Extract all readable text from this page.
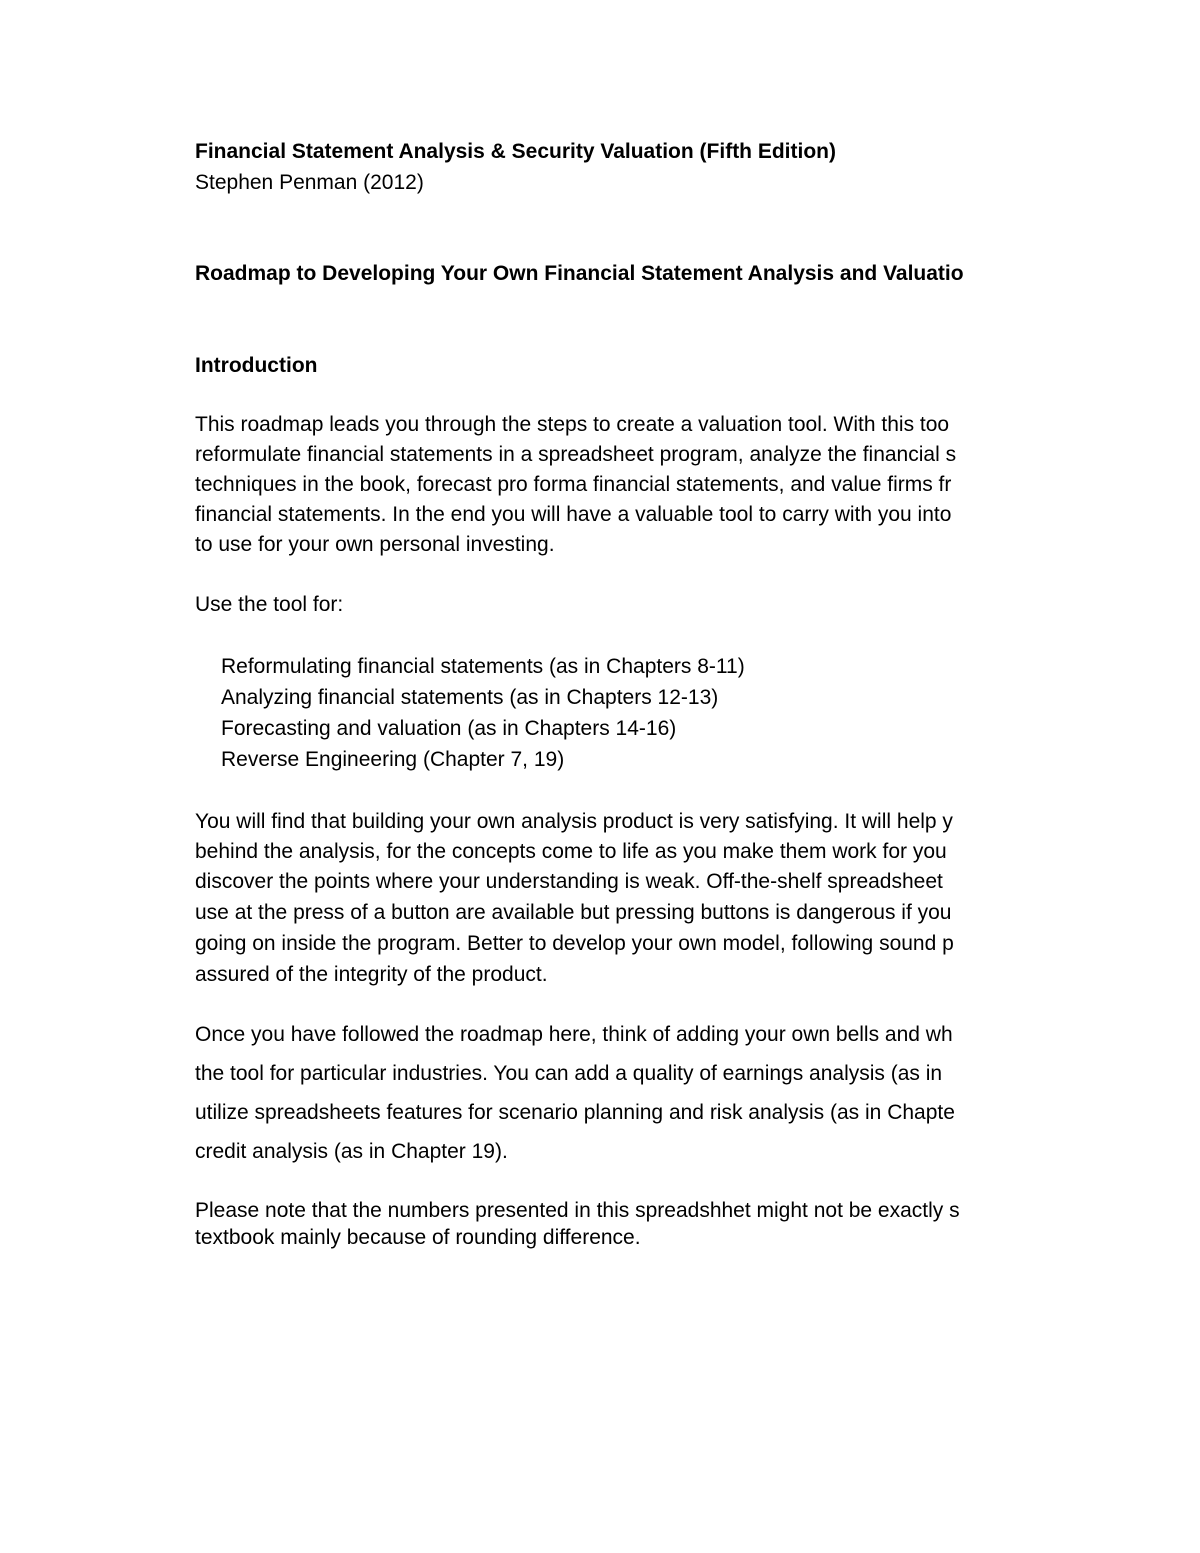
Financial Statement Analysis & Security Valuation (Fifth Edition)
Stephen Penman (2012)
Roadmap to Developing Your Own Financial Statement Analysis and Valuatio
Introduction
This roadmap leads you through the steps to create a valuation tool. With this too
reformulate financial statements in a spreadsheet program, analyze the financial s
techniques in the book, forecast pro forma financial statements, and value firms fr
financial statements. In the end you will have a valuable tool to carry with you into
to use for your own personal investing.
Use the tool for:
Reformulating financial statements (as in Chapters 8-11)
Analyzing financial statements (as in Chapters 12-13)
Forecasting and valuation (as in Chapters 14-16)
Reverse Engineering (Chapter 7, 19)
You will find that building your own analysis product is very satisfying. It will help y
behind the analysis, for the concepts come to life as you make them work for you
discover the points where your understanding is weak. Off-the-shelf spreadsheet
use at the press of a button are available but pressing buttons is dangerous if you
going on inside the program. Better to develop your own model, following sound p
assured of the integrity of the product.
Once you have followed the roadmap here, think of adding your own bells and wh
the tool for particular industries. You can add a quality of earnings analysis (as in
utilize spreadsheets features for scenario planning and risk analysis (as in Chapte
credit analysis (as in Chapter 19).
Please note that the numbers presented in this spreadshhet might not be exactly s
textbook mainly because of rounding difference.
